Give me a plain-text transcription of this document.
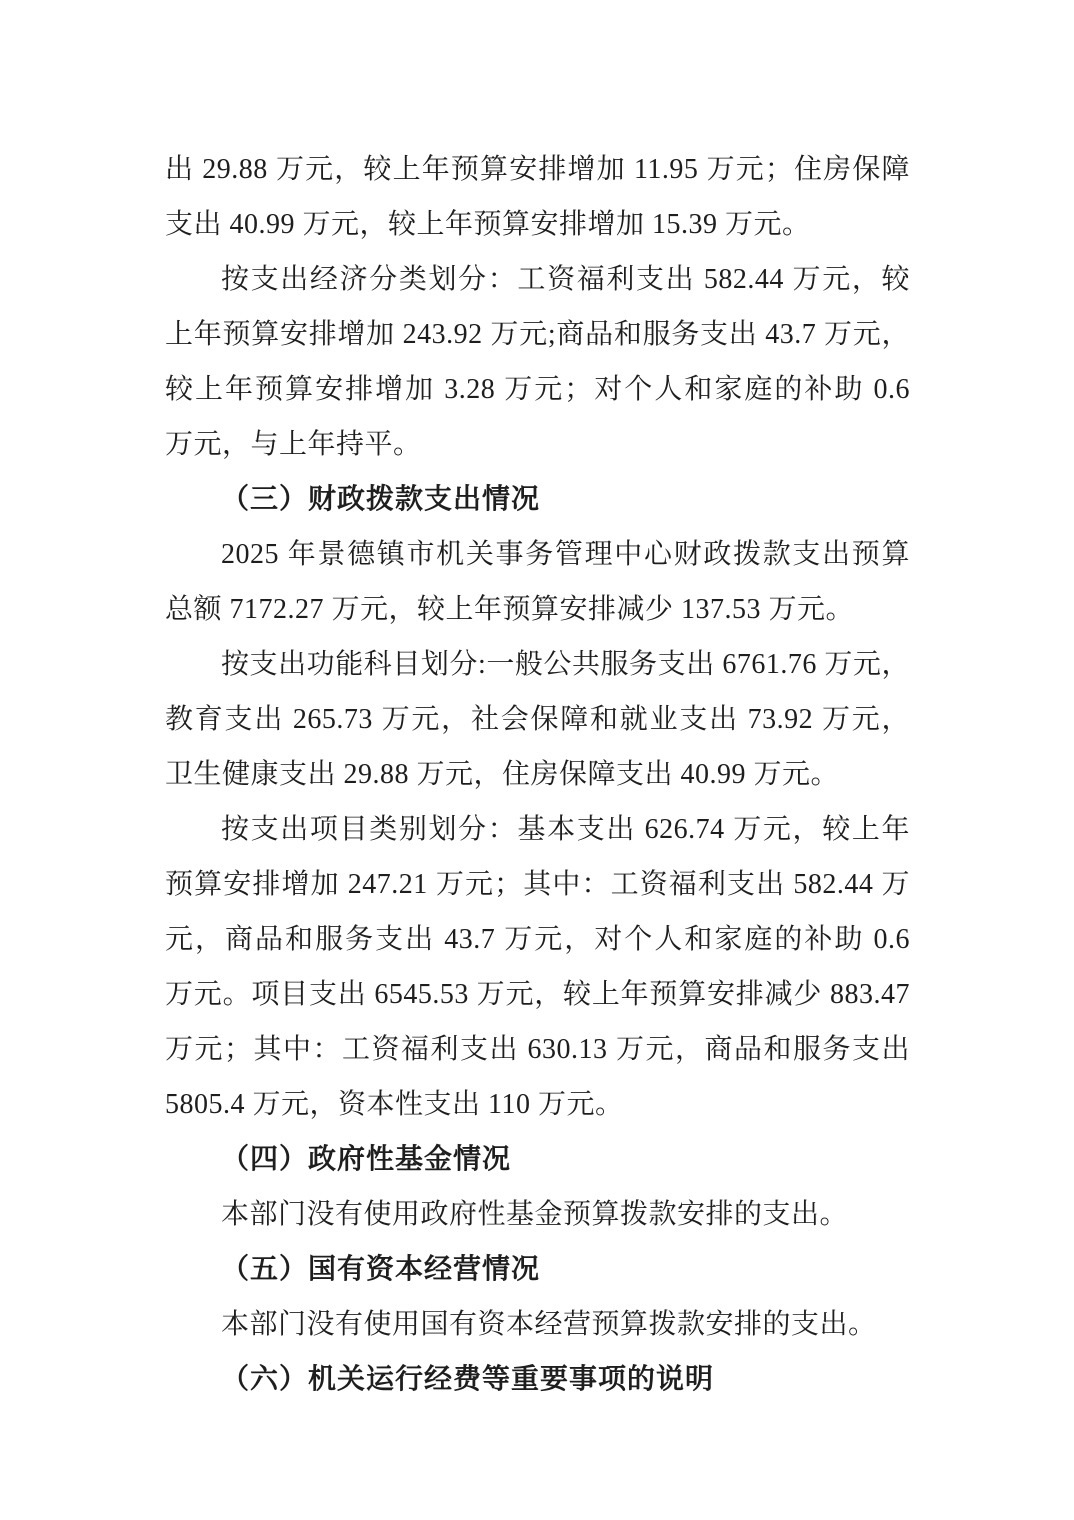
出 29.88 万元，较上年预算安排增加 11.95 万元；住房保障
支出 40.99 万元，较上年预算安排增加 15.39 万元。

按支出经济分类划分：工资福利支出 582.44 万元，较
上年预算安排增加 243.92 万元;商品和服务支出 43.7 万元，
较上年预算安排增加 3.28 万元；对个人和家庭的补助 0.6
万元，与上年持平。

（三）财政拨款支出情况

2025 年景德镇市机关事务管理中心财政拨款支出预算
总额 7172.27 万元，较上年预算安排减少 137.53 万元。

按支出功能科目划分:一般公共服务支出 6761.76 万元，
教育支出 265.73 万元，社会保障和就业支出 73.92 万元，
卫生健康支出 29.88 万元，住房保障支出 40.99 万元。

按支出项目类别划分：基本支出 626.74 万元，较上年
预算安排增加 247.21 万元；其中：工资福利支出 582.44 万
元，商品和服务支出 43.7 万元，对个人和家庭的补助 0.6
万元。项目支出 6545.53 万元，较上年预算安排减少 883.47
万元；其中：工资福利支出 630.13 万元，商品和服务支出
5805.4 万元，资本性支出 110 万元。

（四）政府性基金情况

本部门没有使用政府性基金预算拨款安排的支出。

（五）国有资本经营情况

本部门没有使用国有资本经营预算拨款安排的支出。

（六）机关运行经费等重要事项的说明
